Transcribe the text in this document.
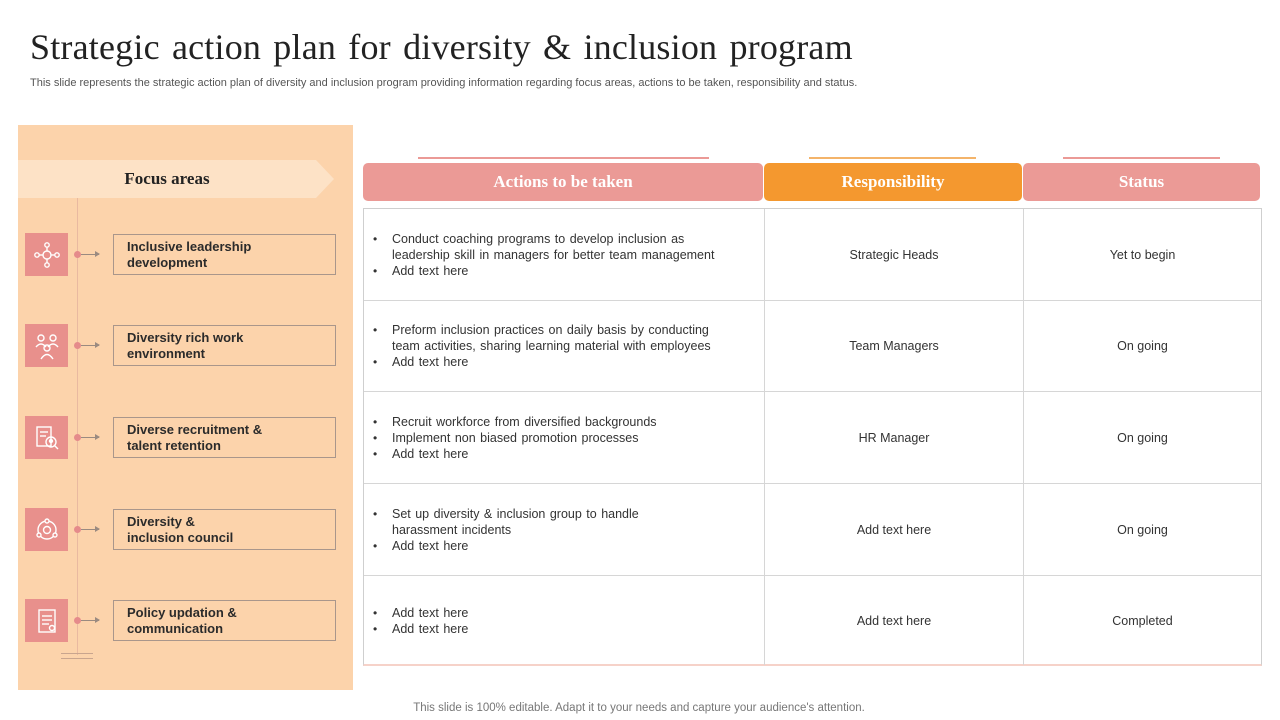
Strategic action plan for diversity & inclusion program
This slide represents the strategic action plan of diversity and inclusion program providing information regarding focus areas, actions to be taken, responsibility and status.
Focus areas
Inclusive leadership
development
Diversity rich work
environment
Diverse recruitment &
talent retention
Diversity &
inclusion council
Policy updation &
communication
Actions to be taken	Responsibility	Status
• Conduct coaching programs to develop inclusion as
leadership skill in managers for better team management
• Add text here
Strategic Heads	Yet to begin
• Preform inclusion practices on daily basis by conducting
team activities, sharing learning material with employees
• Add text here
Team Managers	On going
• Recruit workforce from diversified backgrounds
• Implement non biased promotion processes
• Add text here
HR Manager	On going
• Set up diversity & inclusion group to handle
harassment incidents
• Add text here
Add text here	On going
• Add text here
• Add text here
Add text here	Completed
This slide is 100% editable. Adapt it to your needs and capture your audience's attention.
